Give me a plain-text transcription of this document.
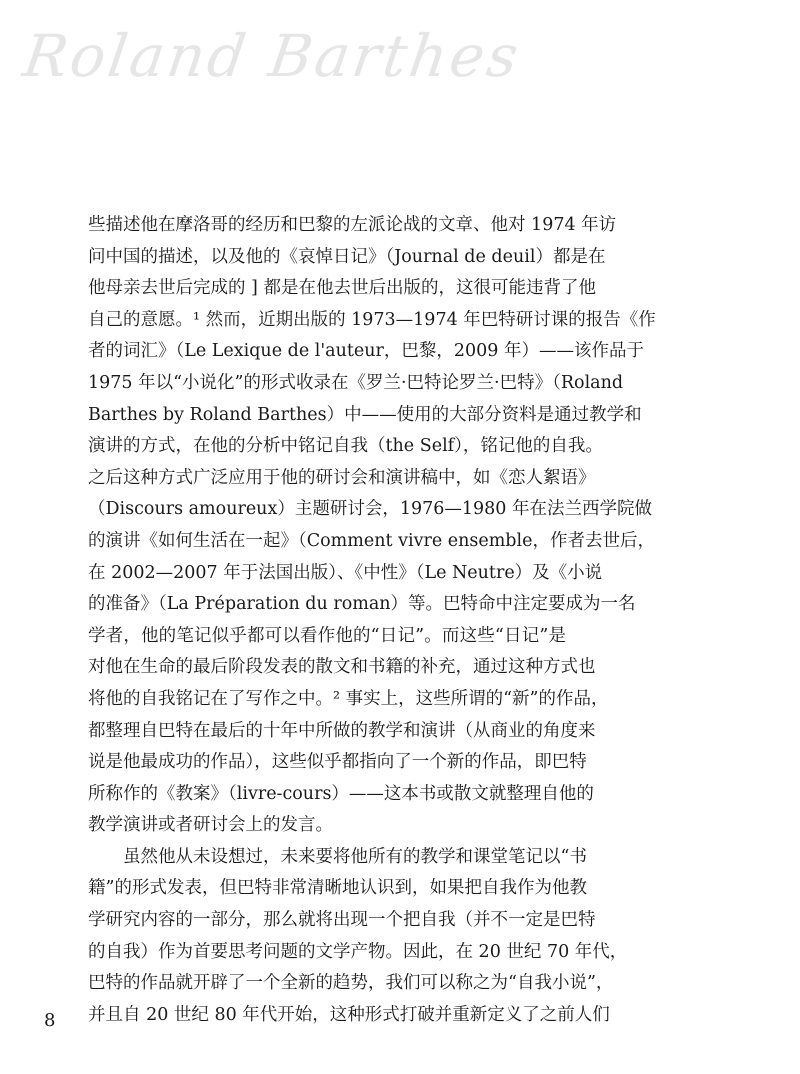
Roland Barthes
些描述他在摩洛哥的经历和巴黎的左派论战的文章、他对 1974 年访
问中国的描述，以及他的《哀悼日记》（Journal de deuil）都是在
他母亲去世后完成的 ] 都是在他去世后出版的，这很可能违背了他
自己的意愿。¹ 然而，近期出版的 1973—1974 年巴特研讨课的报告《作
者的词汇》（Le Lexique de l'auteur，巴黎，2009 年）——该作品于
1975 年以“小说化”的形式收录在《罗兰·巴特论罗兰·巴特》（Roland
Barthes by Roland Barthes）中——使用的大部分资料是通过教学和
演讲的方式，在他的分析中铭记自我（the Self），铭记他的自我。
之后这种方式广泛应用于他的研讨会和演讲稿中，如《恋人絮语》
（Discours amoureux）主题研讨会，1976—1980 年在法兰西学院做
的演讲《如何生活在一起》（Comment vivre ensemble，作者去世后，
在 2002—2007 年于法国出版）、《中性》（Le Neutre）及《小说
的准备》（La Préparation du roman）等。巴特命中注定要成为一名
学者，他的笔记似乎都可以看作他的“日记”。而这些“日记”是
对他在生命的最后阶段发表的散文和书籍的补充，通过这种方式也
将他的自我铭记在了写作之中。² 事实上，这些所谓的“新”的作品，
都整理自巴特在最后的十年中所做的教学和演讲（从商业的角度来
说是他最成功的作品），这些似乎都指向了一个新的作品，即巴特
所称作的《教案》（livre-cours）——这本书或散文就整理自他的
教学演讲或者研讨会上的发言。
虽然他从未设想过，未来要将他所有的教学和课堂笔记以“书
籍”的形式发表，但巴特非常清晰地认识到，如果把自我作为他教
学研究内容的一部分，那么就将出现一个把自我（并不一定是巴特
的自我）作为首要思考问题的文学产物。因此，在 20 世纪 70 年代，
巴特的作品就开辟了一个全新的趋势，我们可以称之为“自我小说”，
并且自 20 世纪 80 年代开始，这种形式打破并重新定义了之前人们
8
